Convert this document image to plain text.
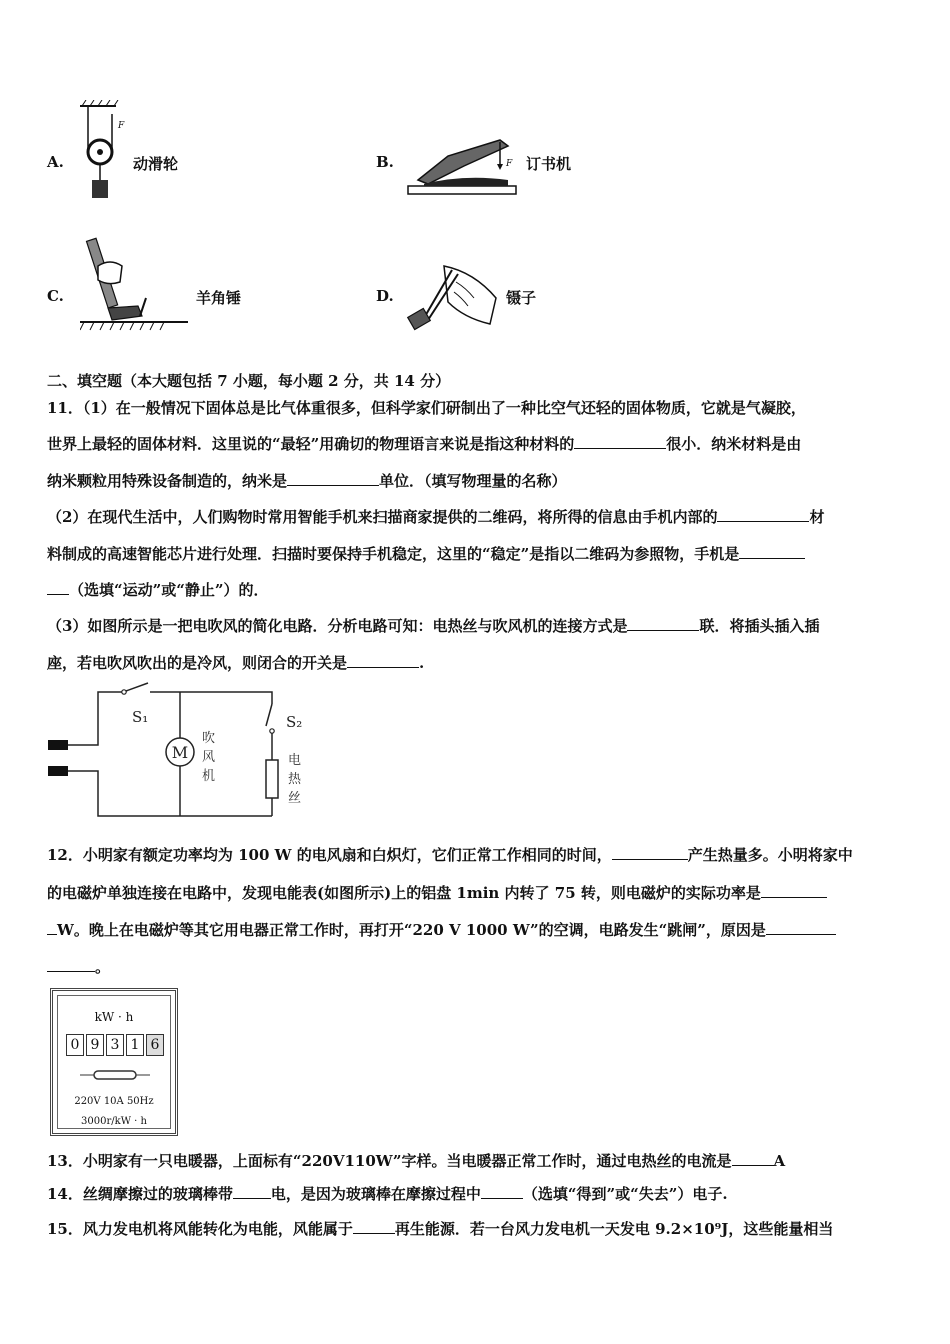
A.
F
动滑轮	B.	F 订书机
C.	羊角锤	D.	镊子
二、填空题（本大题包括 7 小题，每小题 2 分，共 14 分）
11．（1）在一般情况下固体总是比气体重很多，但科学家们研制出了一种比空气还轻的固体物质，它就是气凝胶，
世界上最轻的固体材料．这里说的“最轻”用确切的物理语言来说是指这种材料的	很小．纳米材料是由
纳米颗粒用特殊设备制造的，纳米是	单位．（填写物理量的名称）
（2）在现代生活中，人们购物时常用智能手机来扫描商家提供的二维码，将所得的信息由手机内部的	材
料制成的高速智能芯片进行处理．扫描时要保持手机稳定，这里的“稳定”是指以二维码为参照物，手机是
（选填“运动”或“静止”）的．
（3）如图所示是一把电吹风的简化电路．分析电路可知：电热丝与吹风机的连接方式是	联．将插头插入插
座，若电吹风吹出的是冷风，则闭合的开关是	.
M
S₁	S₂
吹
风
机
电
热
丝
12．小明家有额定功率均为 100 W 的电风扇和白炽灯，它们正常工作相同的时间，	产生热量多。小明将家中
的电磁炉单独连接在电路中，发现电能表(如图所示)上的铝盘 1min 内转了 75 转，则电磁炉的实际功率是
W。晚上在电磁炉等其它用电器正常工作时，再打开“220 V 1000 W”的空调，电路发生“跳闸”，原因是
。
kW · h
0 9 3 1 6
220V 10A 50Hz
3000r/kW · h
13．小明家有一只电暖器，上面标有“220V110W”字样。当电暖器正常工作时，通过电热丝的电流是	A
14．丝绸摩擦过的玻璃棒带	电，是因为玻璃棒在摩擦过程中	（选填“得到”或“失去”）电子.
15．风力发电机将风能转化为电能，风能属于	再生能源．若一台风力发电机一天发电 9.2×10⁹J，这些能量相当
